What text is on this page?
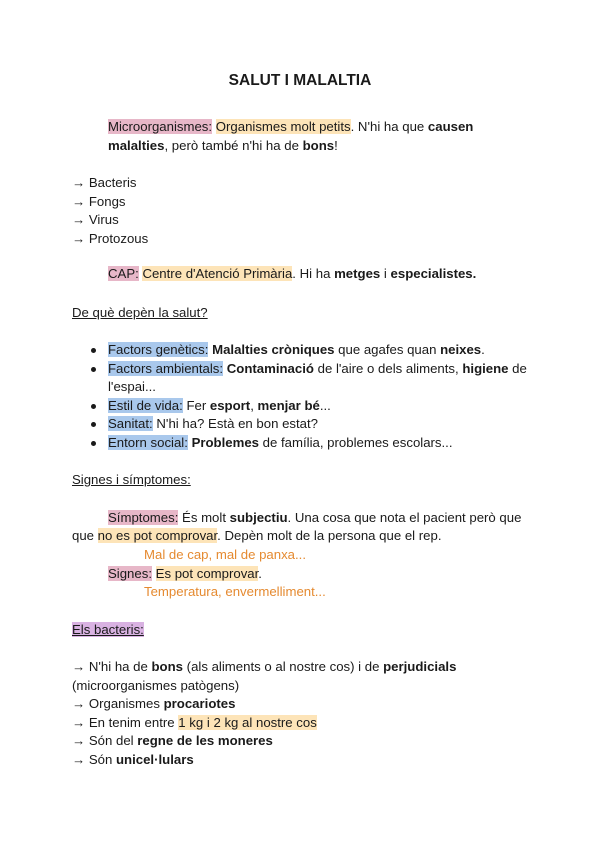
SALUT I MALALTIA
Microorganismes: Organismes molt petits. N'hi ha que causen malalties, però també n'hi ha de bons!
→ Bacteris
→ Fongs
→ Virus
→ Protozous
CAP: Centre d'Atenció Primària. Hi ha metges i especialistes.
De què depèn la salut?
Factors genètics: Malalties cròniques que agafes quan neixes.
Factors ambientals: Contaminació de l'aire o dels aliments, higiene de l'espai...
Estil de vida: Fer esport, menjar bé...
Sanitat: N'hi ha? Està en bon estat?
Entorn social: Problemes de família, problemes escolars...
Signes i símptomes:
Símptomes: És molt subjectiu. Una cosa que nota el pacient però que
que no es pot comprovar. Depèn molt de la persona que el rep.
Mal de cap, mal de panxa...
Signes: Es pot comprovar.
Temperatura, envermelliment...
Els bacteris:
→ N'hi ha de bons (als aliments o al nostre cos) i de perjudicials (microorganismes patògens)
→ Organismes procariotes
→ En tenim entre 1 kg i 2 kg al nostre cos
→ Són del regne de les moneres
→ Són unicel·lulars
